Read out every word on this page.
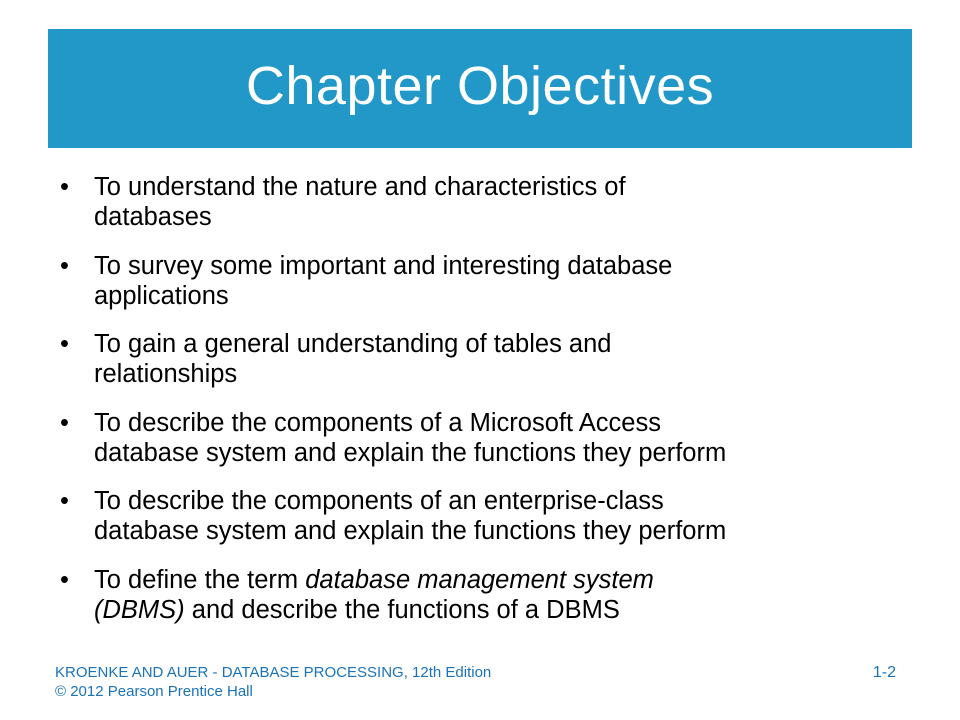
Chapter Objectives
• To understand the nature and characteristics of
databases
• To survey some important and interesting database
applications
• To gain a general understanding of tables and
relationships
• To describe the components of a Microsoft Access
database system and explain the functions they perform
• To describe the components of an enterprise-class
database system and explain the functions they perform
• To define the term database management system
(DBMS) and describe the functions of a DBMS
KROENKE AND AUER - DATABASE PROCESSING, 12th Edition
© 2012 Pearson Prentice Hall
1-2
